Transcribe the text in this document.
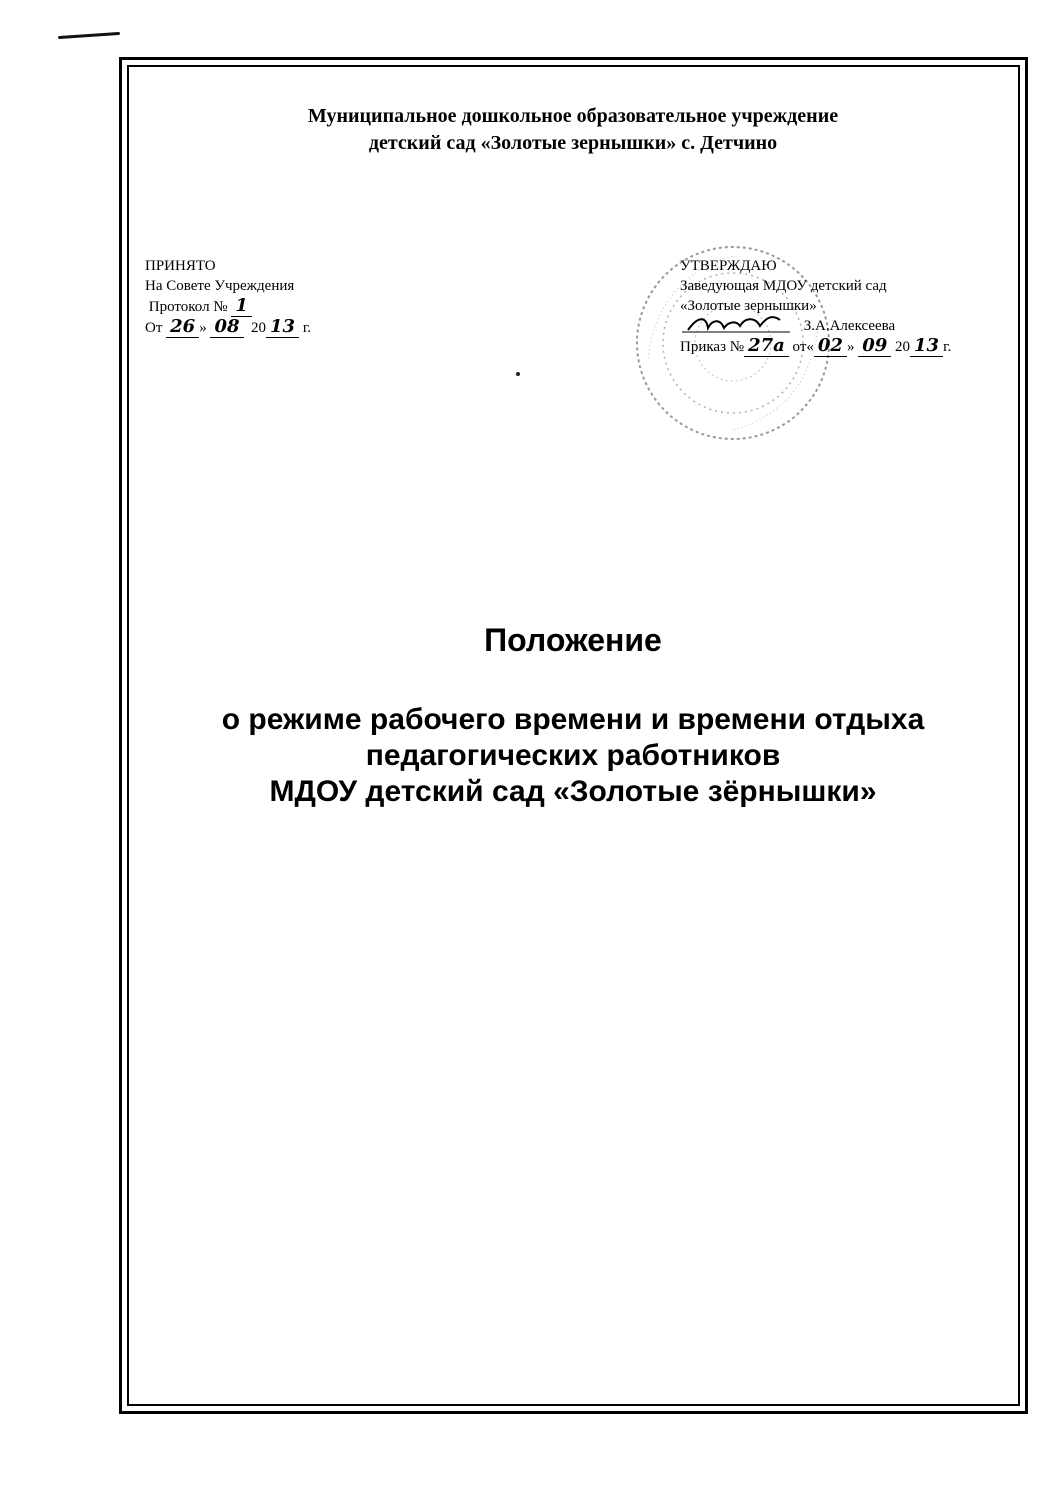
Муниципальное дошкольное образовательное учреждение
детский сад «Золотые зернышки» с. Детчино
ПРИНЯТО
На Совете Учреждения
Протокол № 1
От 26 » 08 20 13 г.
УТВЕРЖДАЮ
Заведующая МДОУ детский сад
«Золотые зернышки»
З.А.Алексеева
Приказ № 27а от« 02 » 09 20 13 г.
Положение
о режиме рабочего времени и времени отдыха
педагогических работников
МДОУ детский сад «Золотые зёрнышки»
